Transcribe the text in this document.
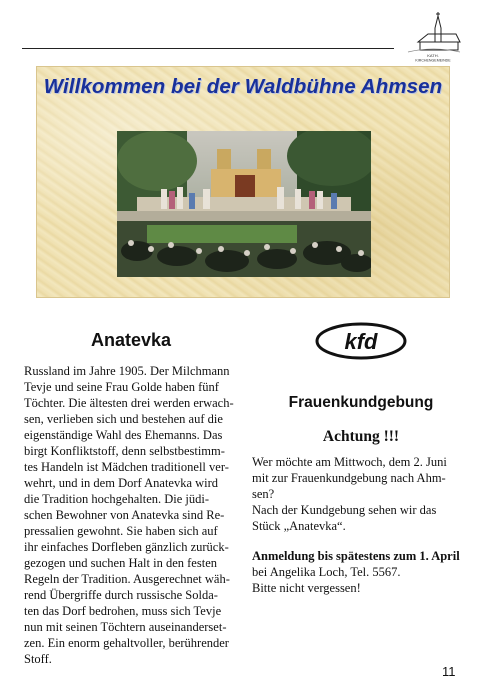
KATH.
KIRCHENGEMEINDE
Willkommen bei der Waldbühne Ahmsen
Anatevka
Russland im Jahre 1905. Der Milchmann
Tevje und seine Frau Golde haben fünf
Töchter. Die ältesten drei werden erwach-
sen, verlieben sich und bestehen auf die
eigenständige Wahl des Ehemanns. Das
birgt Konfliktstoff, denn selbstbestimm-
tes Handeln ist Mädchen traditionell ver-
wehrt, und in dem Dorf Anatevka wird
die Tradition hochgehalten. Die jüdi-
schen Bewohner von Anatevka sind Re-
pressalien gewohnt. Sie haben sich auf
ihr einfaches Dorfleben gänzlich zurück-
gezogen und suchen Halt in den festen
Regeln der Tradition. Ausgerechnet wäh-
rend Übergriffe durch russische Solda-
ten das Dorf bedrohen, muss sich Tevje
nun mit seinen Töchtern auseinanderset-
zen. Ein enorm gehaltvoller, berührender
Stoff.
kfd
Frauenkundgebung
Achtung !!!

Wer möchte am Mittwoch, dem 2. Juni

mit zur Frauenkundgebung nach Ahm-

sen?

Nach der Kundgebung sehen wir das

Stück „Anatevka“.

Anmeldung bis spätestens zum 1. April

bei Angelika Loch, Tel. 5567.

Bitte nicht vergessen!

11
